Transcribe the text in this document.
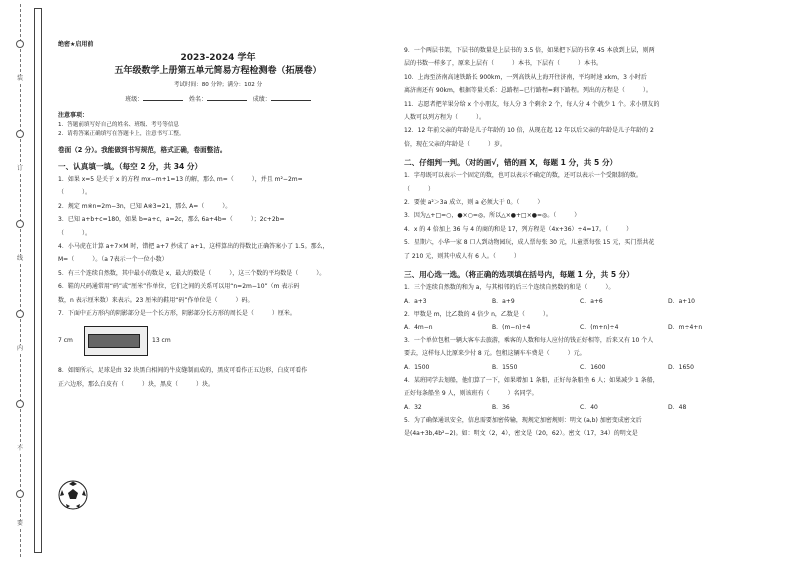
装
订
线
内
不
要
绝密★启用前
2023-2024 学年
五年级数学上册第五单元简易方程检测卷（拓展卷）
考试时间：80 分钟；满分：102 分
班级：	姓名：	成绩：
注意事项：
1．答题前填写好自己的姓名、班级、考号等信息
2．请将答案正确填写在答题卡上，注意书写工整。
卷面（2 分）。我能做到书写规范，格式正确，卷面整洁。
一、认真填一填。（每空 2 分，共 34 分）
1．如果 x=5 是关于 x 的方程 mx−m+1=13 的解，那么 m=（　　　），并且 m²−2m=
（　　　）。
2．规定 m※n=2m−3n，已知 A※3=21，那么 A=（　　　）。
3．已知 a+b+c=180，如果 b=a+c，a=2c，那么 6a+4b=（　　　）；2c+2b=
（　　　）。
4．小马虎在计算 a+7×M 时，错把 a+7 抄成了 a+1，这样算出的得数比正确答案小了 1.5。那么，
M=（　　　）。（a 7表示一个一位小数）
5．有三个连续自然数，其中最小的数是 x，最大的数是（　　　），这三个数的平均数是（　　　）。
6．鞋的尺码通常用“码”或“厘米”作单位，它们之间的关系可以用“n=2m−10”（m 表示码
数，n 表示厘米数）来表示。23 厘米的鞋用“码”作单位是（　　　）码。
7．下面中正方形内的阴影部分是一个长方形，阴影部分长方形的周长是（　　　）厘米。
7 cm	13 cm
8．如图所示，足球是由 32 块黑白相间的牛皮缝制而成的，黑皮可看作正五边形，白皮可看作
正六边形，那么白皮有（　　　）块，黑皮（　　　）块。
9．一个两层书架，下层书的数量是上层书的 3.5 倍，如果把下层的书拿 45 本放到上层，则两
层的书数一样多了，原来上层有（　　　）本书，下层有（　　　）本书。
10．上海至济南高速铁路长 900km，一列高铁从上海开往济南，平均时速 xkm，3 小时后
离济南还有 90km，根据等量关系：总路程−已行路程=剩下路程。列出的方程是（　　　）。
11．志愿者把苹果分给 x 个小朋友，每人分 3 个剩余 2 个，每人分 4 个就少 1 个。求小朋友的
人数可以列方程为（　　　）。
12．12 年前父亲的年龄是儿子年龄的 10 倍，从现在起 12 年以后父亲的年龄是儿子年龄的 2
倍，现在父亲的年龄是（　　　）岁。
二、仔细判一判。（对的画√，错的画 X，每题 1 分，共 5 分）
1．字母既可以表示一个固定的数，也可以表示不确定的数，还可以表示一个受限制的数。
（　　　）
2．要使 a²＞3a 成立，则 a 必须大于 0。（　　　）
3．因为△+□=○，●×○=◎，所以△×●+□×●=◎。（　　　）
4．x 的 4 倍加上 36 与 4 的商的和是 17，列方程是（4x+36）÷4=17。（　　　）
5．星期六，小华一家 8 口人到动物园玩，成人票每张 30 元，儿童票每张 15 元，买门票共花
了 210 元，则其中成人有 6 人。（　　　）
三、用心选一选。（将正确的选项填在括号内，每题 1 分，共 5 分）
1．三个连续自然数的和为 a，与其相邻的后三个连续自然数的和是（　　　）。
A．a+3	B．a+9	C．a+6	D．a+10
2．甲数是 m，比乙数的 4 倍少 n，乙数是（　　　）。
A．4m−n	B．(m−n)÷4	C．(m+n)÷4	D．m÷4+n
3．一个单位包租一辆大客车去旅游，乘客的人数和每人应付的钱正好相等，后来又有 10 个人
要去，这样每人比原来少付 8 元。包租这辆车车费是（　　　）元。
A．1500	B．1550	C．1600	D．1650
4．某班同学去划船，他们算了一下，如果增加 1 条船，正好每条船坐 6 人；如果减少 1 条船，
正好每条船坐 9 人，则该班有（　　　）名同学。
A．32	B．36	C．40	D．48
5．为了确保通讯安全，信息需要加密传输，现规定加密规则：明文 (a,b) 加密变成密文后
是(4a+3b,4b²−2)。如：明文（2，4），密文是（20，62）。密文（17，34）的明文是
